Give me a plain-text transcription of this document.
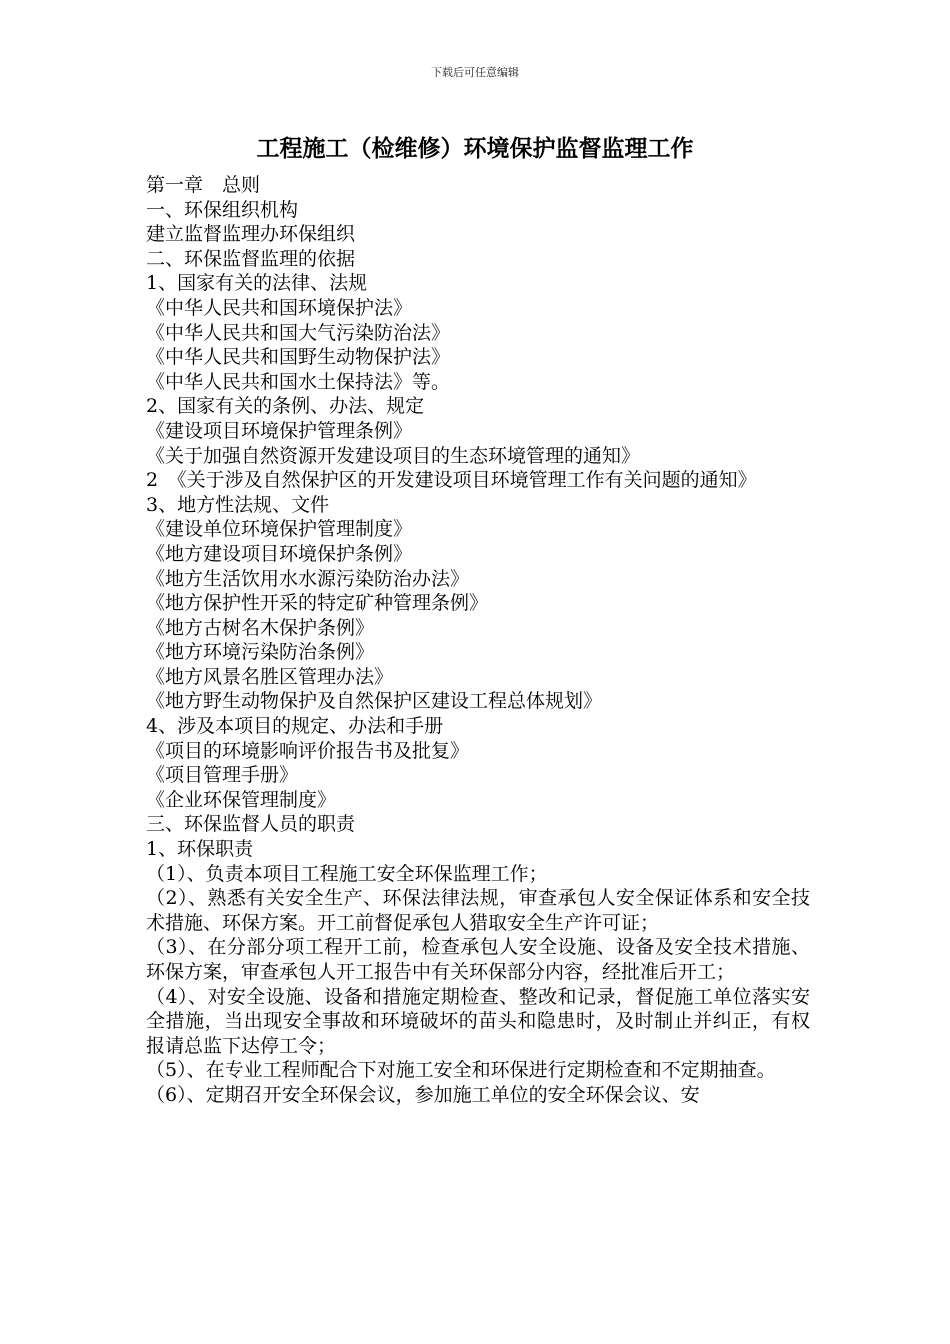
下载后可任意编辑
工程施工（检维修）环境保护监督监理工作
第一章　总则
一、环保组织机构
建立监督监理办环保组织
二、环保监督监理的依据
1、国家有关的法律、法规
《中华人民共和国环境保护法》
《中华人民共和国大气污染防治法》
《中华人民共和国野生动物保护法》
《中华人民共和国水土保持法》等。
2、国家有关的条例、办法、规定
《建设项目环境保护管理条例》
《关于加强自然资源开发建设项目的生态环境管理的通知》
2　《关于涉及自然保护区的开发建设项目环境管理工作有关问题的通知》
3、地方性法规、文件
《建设单位环境保护管理制度》
《地方建设项目环境保护条例》
《地方生活饮用水水源污染防治办法》
《地方保护性开采的特定矿种管理条例》
《地方古树名木保护条例》
《地方环境污染防治条例》
《地方风景名胜区管理办法》
《地方野生动物保护及自然保护区建设工程总体规划》
4、涉及本项目的规定、办法和手册
《项目的环境影响评价报告书及批复》
《项目管理手册》
《企业环保管理制度》
三、环保监督人员的职责
1、环保职责
（1）、负责本项目工程施工安全环保监理工作；
（2）、熟悉有关安全生产、环保法律法规，审查承包人安全保证体系和安全技术措施、环保方案。开工前督促承包人猎取安全生产许可证；
（3）、在分部分项工程开工前，检查承包人安全设施、设备及安全技术措施、环保方案，审查承包人开工报告中有关环保部分内容，经批准后开工；
（4）、对安全设施、设备和措施定期检查、整改和记录，督促施工单位落实安全措施，当出现安全事故和环境破坏的苗头和隐患时，及时制止并纠正，有权报请总监下达停工令；
（5）、在专业工程师配合下对施工安全和环保进行定期检查和不定期抽查。
（6）、定期召开安全环保会议，参加施工单位的安全环保会议、安
